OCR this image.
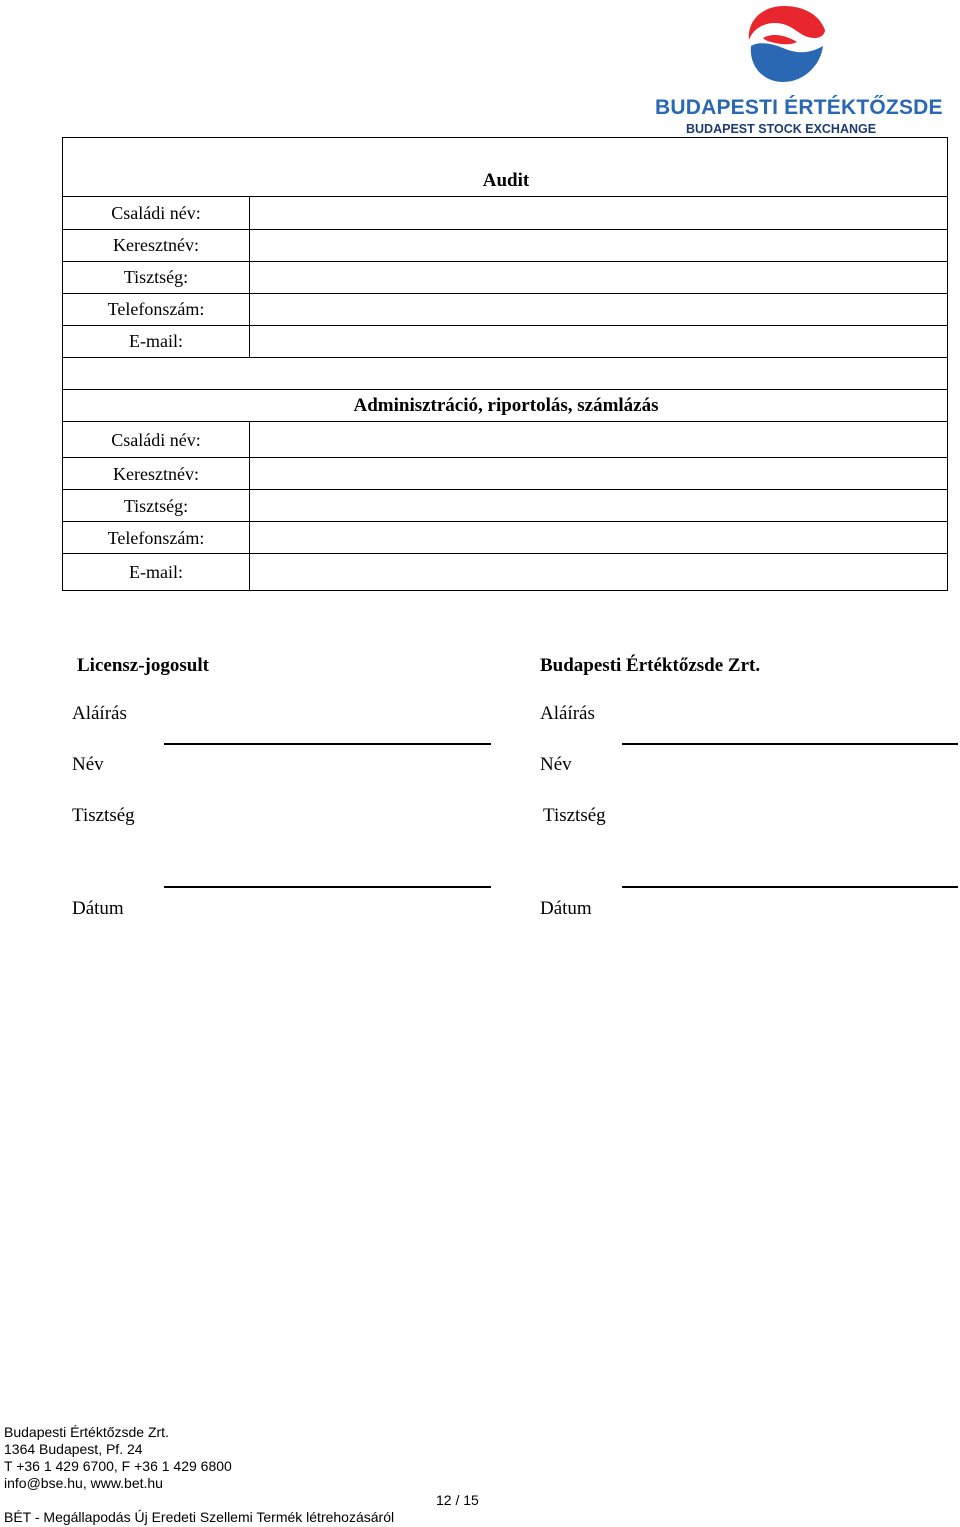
BUDAPESTI ÉRTÉKTŐZSDE
BUDAPEST STOCK EXCHANGE
Audit
Családi név:
Keresztnév:
Tisztség:
Telefonszám:
E-mail:
Adminisztráció, riportolás, számlázás
Családi név:
Keresztnév:
Tisztség:
Telefonszám:
E-mail:
Licensz-jogosult
Aláírás
Név
Tisztség
Dátum
Budapesti Értéktőzsde Zrt.
Aláírás
Név
Tisztség
Dátum
Budapesti Értéktőzsde Zrt.
1364 Budapest, Pf. 24
T +36 1 429 6700, F +36 1 429 6800
info@bse.hu, www.bet.hu
12 / 15
BÉT - Megállapodás Új Eredeti Szellemi Termék létrehozásáról
